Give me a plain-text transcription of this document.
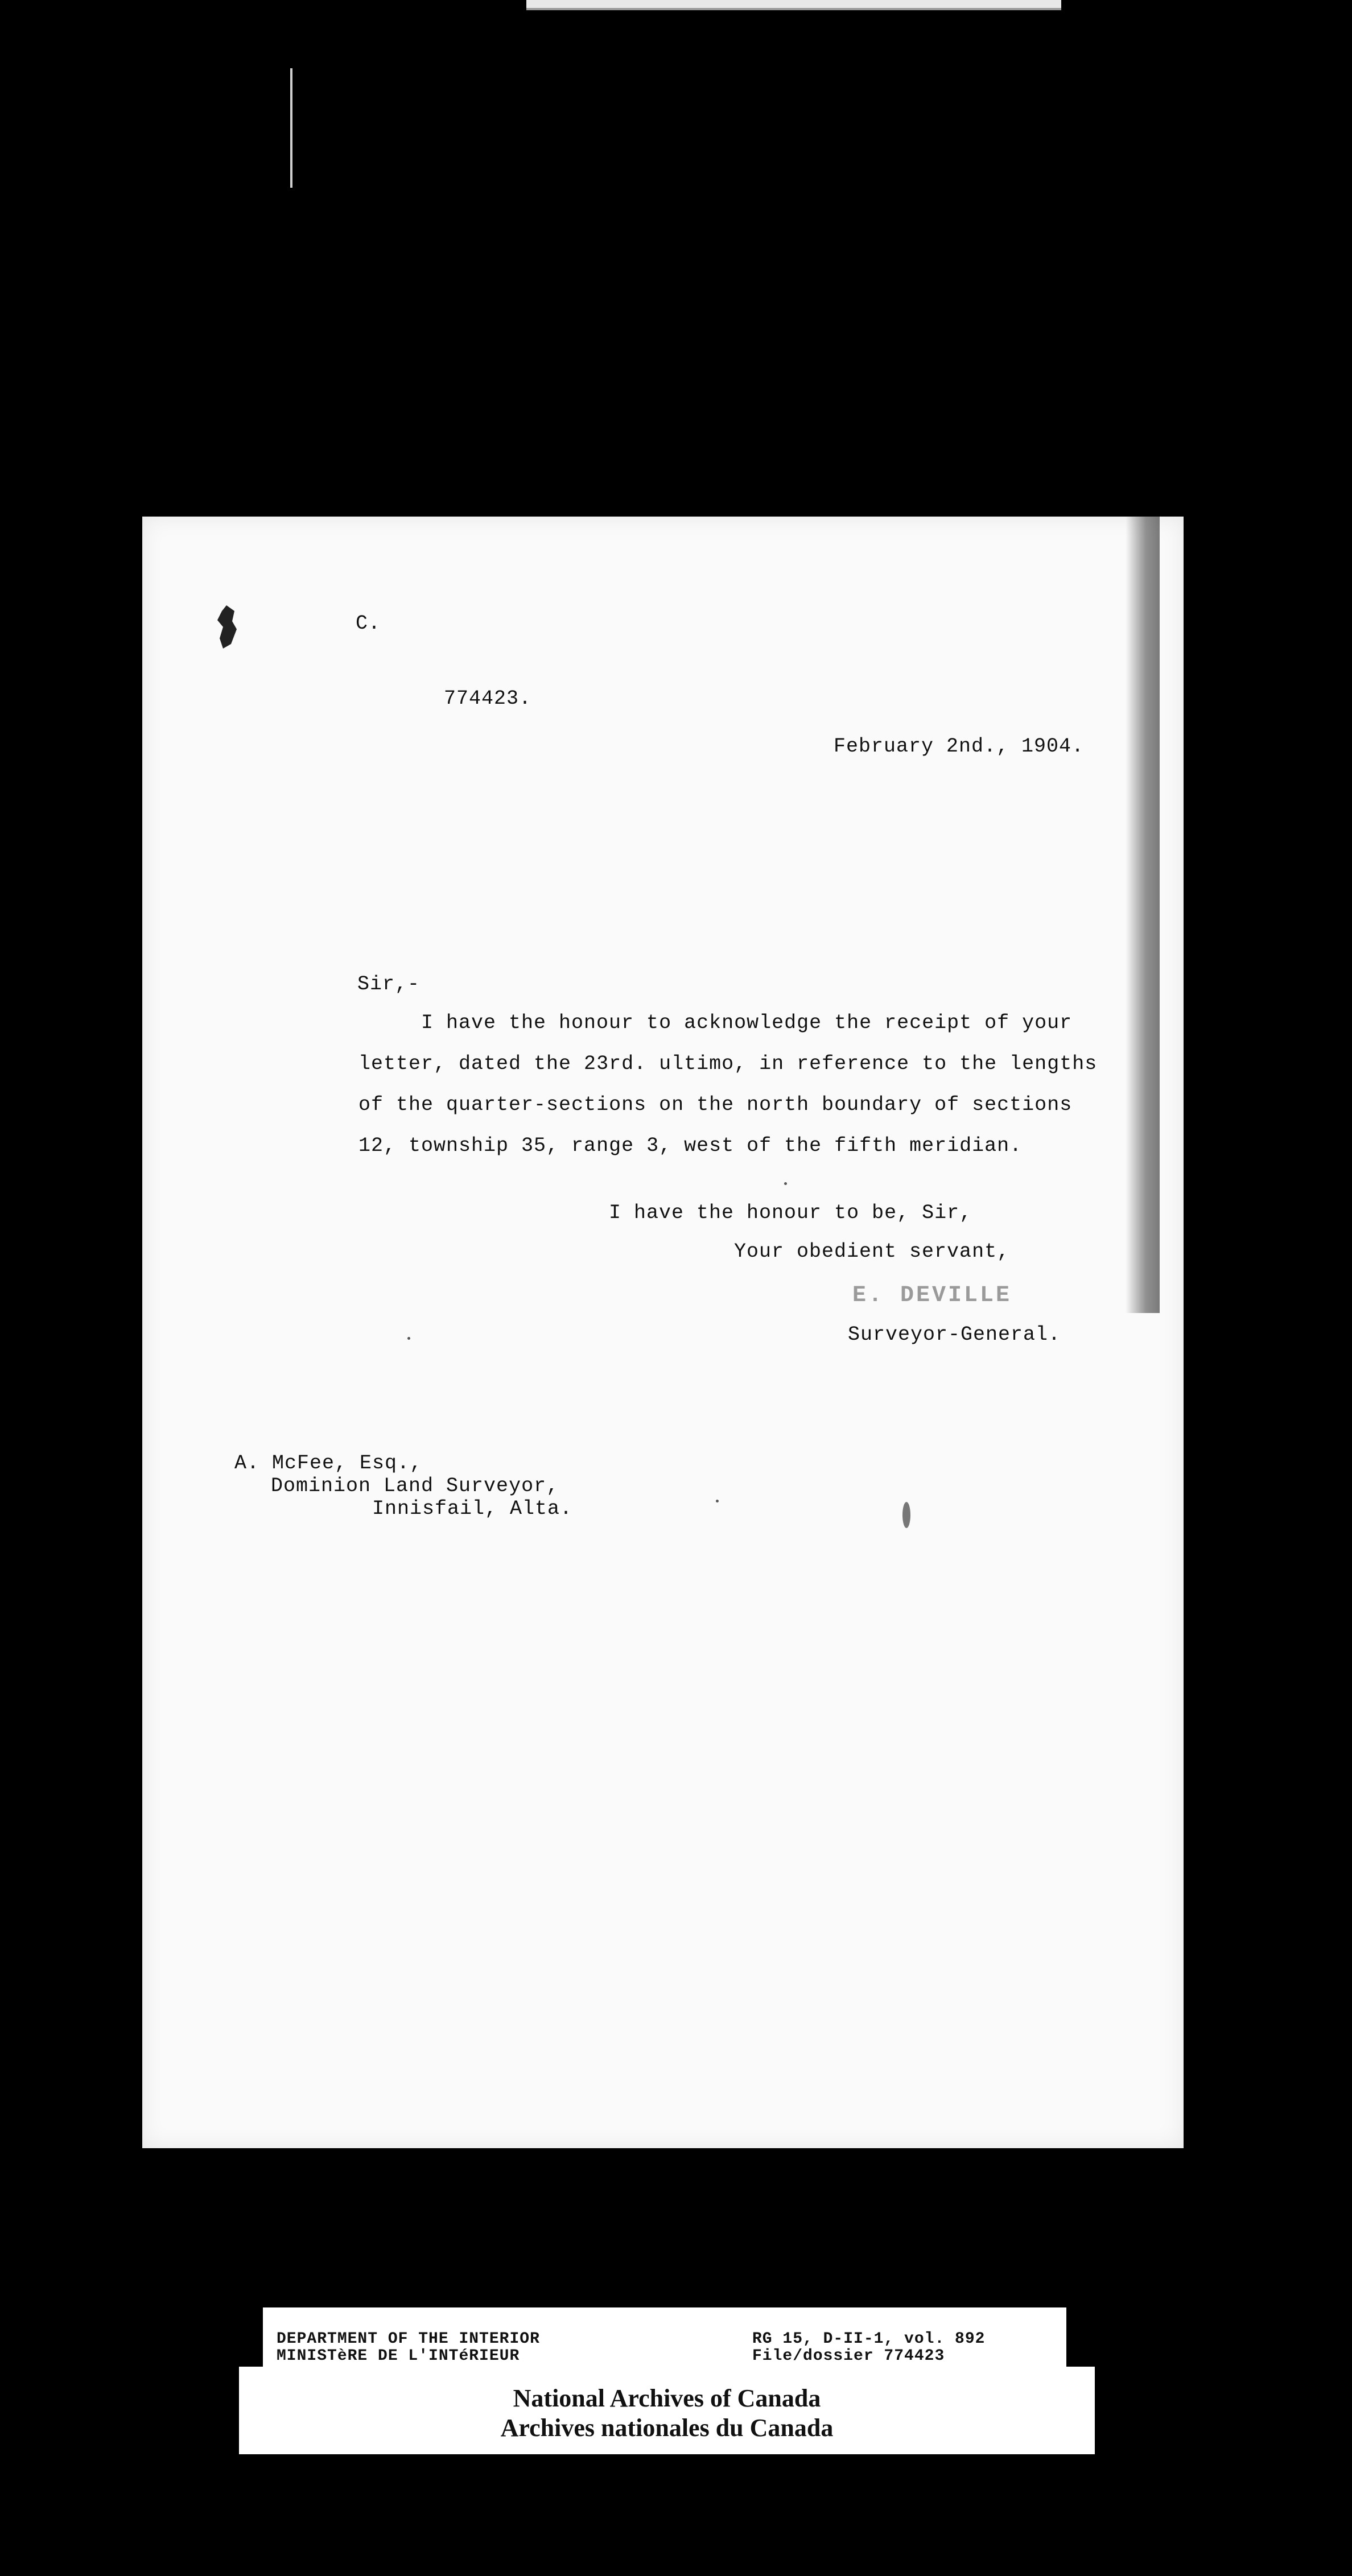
C.
774423.
February 2nd., 1904.
Sir,-
I have the honour to acknowledge the receipt of your
letter, dated the 23rd. ultimo, in reference to the lengths
of the quarter-sections on the north boundary of sections
12, township 35, range 3, west of the fifth meridian.
I have the honour to be, Sir,
Your obedient servant,
E. DEVILLE
Surveyor-General.
A. McFee, Esq.,
Dominion Land Surveyor,
Innisfail, Alta.
DEPARTMENT OF THE INTERIOR
MINISTèRE DE L'INTéRIEUR
RG 15, D-II-1, vol. 892
File/dossier 774423
National Archives of Canada
Archives nationales du Canada
